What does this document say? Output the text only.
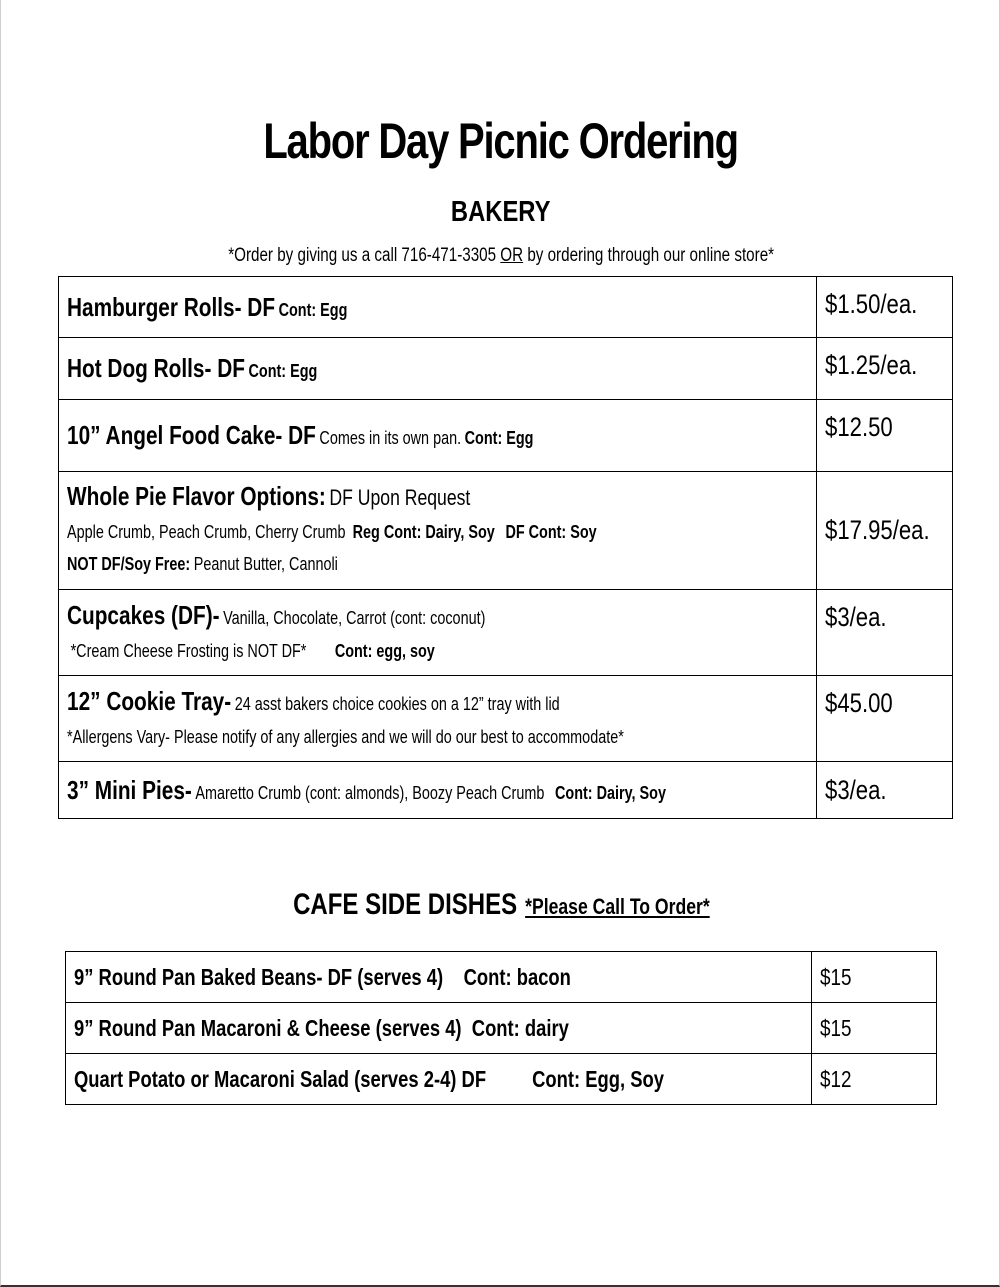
Labor Day Picnic Ordering
BAKERY
*Order by giving us a call 716-471-3305 OR by ordering through our online store*
Hamburger Rolls- DF Cont: Egg	$1.50/ea.

Hot Dog Rolls- DF Cont: Egg	$1.25/ea.

10” Angel Food Cake- DF Comes in its own pan. Cont: Egg	$12.50

Whole Pie Flavor Options: DF Upon Request
Apple Crumb, Peach Crumb, Cherry Crumb Reg Cont: Dairy, Soy DF Cont: Soy
NOT DF/Soy Free: Peanut Butter, Cannoli	$17.95/ea.

Cupcakes (DF)- Vanilla, Chocolate, Carrot (cont: coconut)
*Cream Cheese Frosting is NOT DF* Cont: egg, soy	$3/ea.

12” Cookie Tray- 24 asst bakers choice cookies on a 12” tray with lid
*Allergens Vary- Please notify of any allergies and we will do our best to accommodate*	$45.00

3” Mini Pies- Amaretto Crumb (cont: almonds), Boozy Peach Crumb Cont: Dairy, Soy	$3/ea.
CAFE SIDE DISHES *Please Call To Order*
9” Round Pan Baked Beans- DF (serves 4) Cont: bacon	$15

9” Round Pan Macaroni & Cheese (serves 4) Cont: dairy	$15

Quart Potato or Macaroni Salad (serves 2-4) DF Cont: Egg, Soy	$12
